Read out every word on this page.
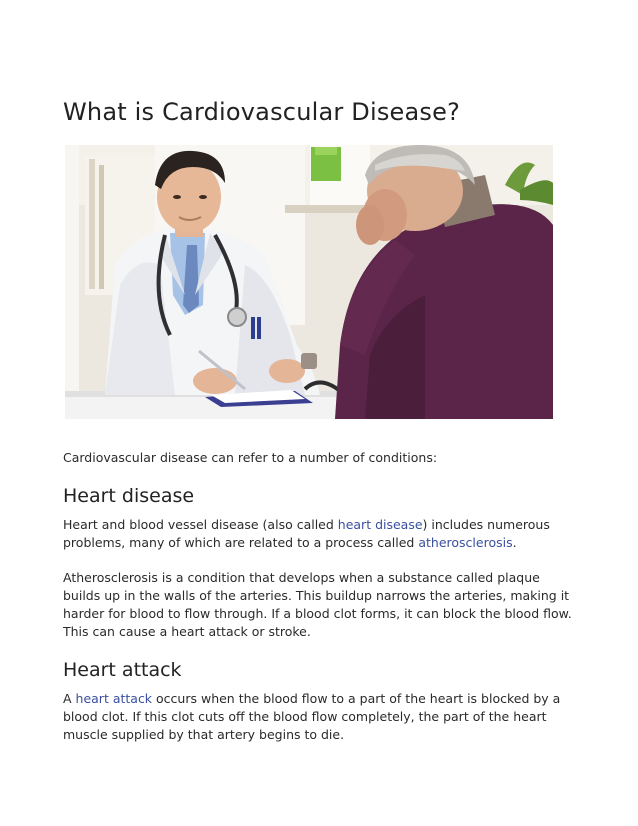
What is Cardiovascular Disease?

Cardiovascular disease can refer to a number of conditions:

Heart disease
Heart and blood vessel disease (also called heart disease) includes numerous
problems, many of which are related to a process called atherosclerosis.
Atherosclerosis is a condition that develops when a substance called plaque
builds up in the walls of the arteries. This buildup narrows the arteries, making it
harder for blood to flow through. If a blood clot forms, it can block the blood flow.
This can cause a heart attack or stroke.
Heart attack
A heart attack occurs when the blood flow to a part of the heart is blocked by a
blood clot. If this clot cuts off the blood flow completely, the part of the heart
muscle supplied by that artery begins to die.
